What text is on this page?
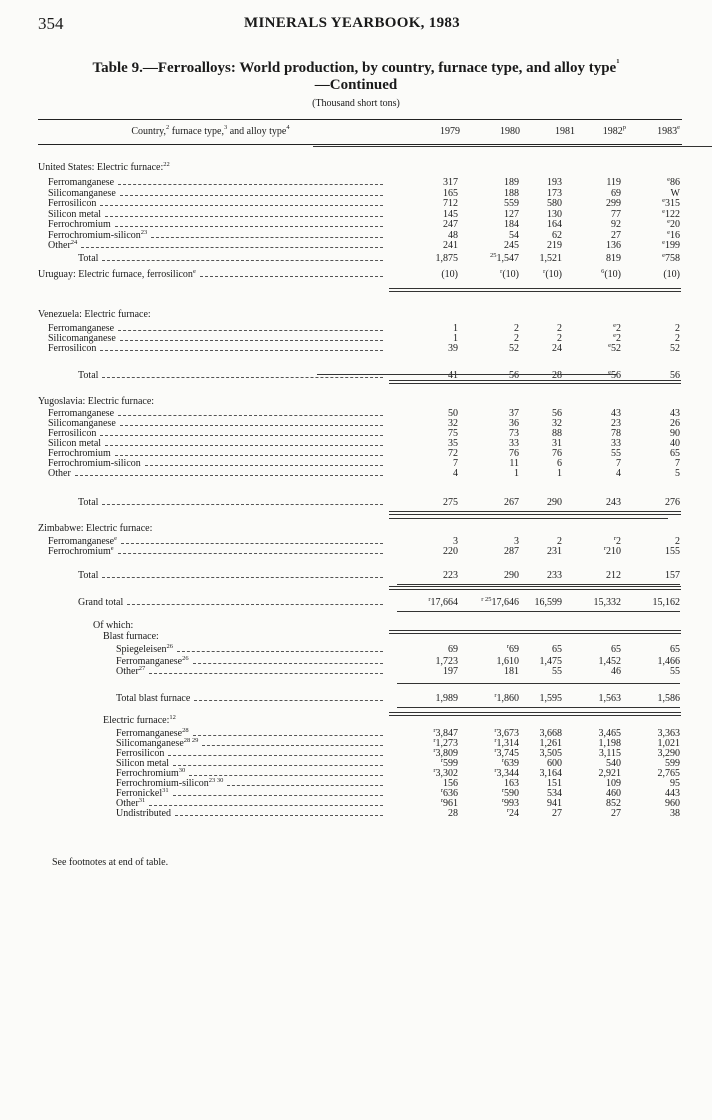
354	MINERALS YEARBOOK, 1983
Table 9.—Ferroalloys: World production, by country, furnace type, and alloy type$^1$
—Continued
(Thousand short tons)
Country,$^2$ furnace type,$^3$ and alloy type$^4$	1979	1980	1981	1982$^p$	1983e
United States: Electric furnace:$^{22}$
Ferromanganese	317	189	193	119	$^e$86
Silicomanganese	165	188	173	69	W
Ferrosilicon	712	559	580	299	$^e$315
Silicon metal	145	127	130	77	$^e$122
Ferrochromium	247	184	164	92	$^e$20
Ferrochromium-silicon$^{23}$	48	54	62	27	$^e$16
Other$^{24}$	241	245	219	136	$^e$199
Total	1,875	$^{25}$1,547	1,521	819	$^e$758
Uruguay: Electric furnace, ferrosilicon$^e$	(10)	$^r$(10)	$^r$(10)	$^6$(10)	(10)
Venezuela: Electric furnace:
Ferromanganese	1	2	2	$^e$2	2
Silicomanganese	1	2	2	$^e$2	2
Ferrosilicon	39	52	24	$^e$52	52
Total	41	56	28	$^e$56	56
Yugoslavia: Electric furnace:
Ferromanganese	50	37	56	43	43
Silicomanganese	32	36	32	23	26
Ferrosilicon	75	73	88	78	90
Silicon metal	35	33	31	33	40
Ferrochromium	72	76	76	55	65
Ferrochromium-silicon	7	11	6	7	7
Other	4	1	1	4	5
Total	275	267	290	243	276
Zimbabwe: Electric furnace:
Ferromanganese$^e$	3	3	2	$^r$2	2
Ferrochromium$^e$	220	287	231	$^r$210	155
Total	223	290	233	212	157
Grand total	$^r$17,664	$^{r 25}$17,646	16,599	15,332	15,162
Of which:
Blast furnace:
Spiegeleisen$^{26}$	69	$^r$69	65	65	65
Ferromanganese$^{26}$	1,723	1,610	1,475	1,452	1,466
Other$^{27}$	197	181	55	46	55
Total blast furnace	1,989	$^r$1,860	1,595	1,563	1,586
Electric furnace:$^{12}$
Ferromanganese$^{28}$	$^r$3,847	$^r$3,673	3,668	3,465	3,363
Silicomanganese$^{28 29}$	$^r$1,273	$^r$1,314	1,261	1,198	1,021
Ferrosilicon	$^r$3,809	$^r$3,745	3,505	3,115	3,290
Silicon metal	$^r$599	$^r$639	600	540	599
Ferrochromium$^{30}$	$^r$3,302	$^r$3,344	3,164	2,921	2,765
Ferrochromium-silicon$^{23 30}$	156	163	151	109	95
Ferronickel$^{31}$	$^r$636	$^r$590	534	460	443
Other$^{31}$	$^r$961	$^r$993	941	852	960
Undistributed	28	$^r$24	27	27	38
See footnotes at end of table.
